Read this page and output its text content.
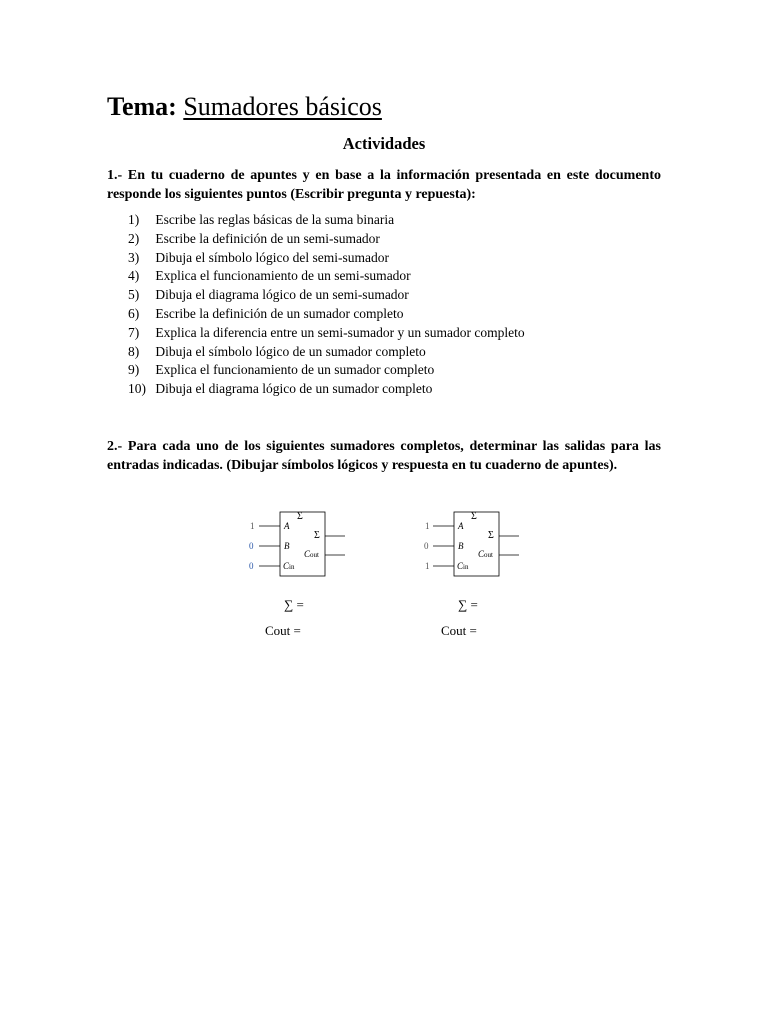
Tema: Sumadores básicos
Actividades
1.- En tu cuaderno de apuntes y en base a la información presentada en este documento responde los siguientes puntos (Escribir pregunta y repuesta):
1) Escribe las reglas básicas de la suma binaria
2) Escribe la definición de un semi-sumador
3) Dibuja el símbolo lógico del semi-sumador
4) Explica el funcionamiento de un semi-sumador
5) Dibuja el diagrama lógico de un semi-sumador
6) Escribe la definición de un sumador completo
7) Explica la diferencia entre un semi-sumador y un sumador completo
8) Dibuja el símbolo lógico de un sumador completo
9) Explica el funcionamiento de un sumador completo
10) Dibuja el diagrama lógico de un sumador completo
2.- Para cada uno de los siguientes sumadores completos, determinar las salidas para las entradas indicadas. (Dibujar símbolos lógicos y respuesta en tu cuaderno de apuntes).
1
0
0
Σ
A
B
Cin
Σ
Cout
1
0
1
Σ
A
B
Cin
Σ
Cout
∑ =
Cout =
∑ =
Cout =
